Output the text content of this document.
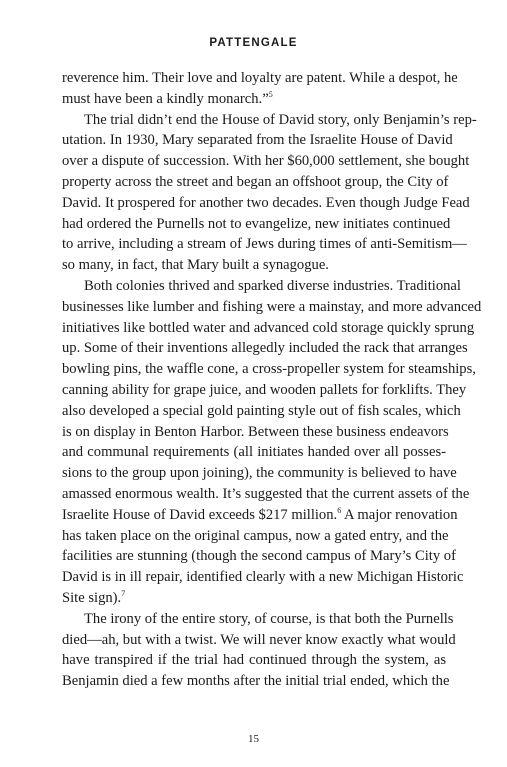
PATTENGALE
reverence him. Their love and loyalty are patent. While a despot, he
must have been a kindly monarch.”$^5$
The trial didn’t end the House of David story, only Benjamin’s rep-
utation. In 1930, Mary separated from the Israelite House of David
over a dispute of succession. With her $60,000 settlement, she bought
property across the street and began an offshoot group, the City of
David. It prospered for another two decades. Even though Judge Fead
had ordered the Purnells not to evangelize, new initiates continued
to arrive, including a stream of Jews during times of anti-Semitism—
so many, in fact, that Mary built a synagogue.
Both colonies thrived and sparked diverse industries. Traditional
businesses like lumber and fishing were a mainstay, and more advanced
initiatives like bottled water and advanced cold storage quickly sprung
up. Some of their inventions allegedly included the rack that arranges
bowling pins, the waffle cone, a cross-propeller system for steamships,
canning ability for grape juice, and wooden pallets for forklifts. They
also developed a special gold painting style out of fish scales, which
is on display in Benton Harbor. Between these business endeavors
and communal requirements (all initiates handed over all posses-
sions to the group upon joining), the community is believed to have
amassed enormous wealth. It’s suggested that the current assets of the
Israelite House of David exceeds $217 million.$^6$ A major renovation
has taken place on the original campus, now a gated entry, and the
facilities are stunning (though the second campus of Mary’s City of
David is in ill repair, identified clearly with a new Michigan Historic
Site sign).$^7$
The irony of the entire story, of course, is that both the Purnells
died—ah, but with a twist. We will never know exactly what would
have transpired if the trial had continued through the system, as
Benjamin died a few months after the initial trial ended, which the
15
